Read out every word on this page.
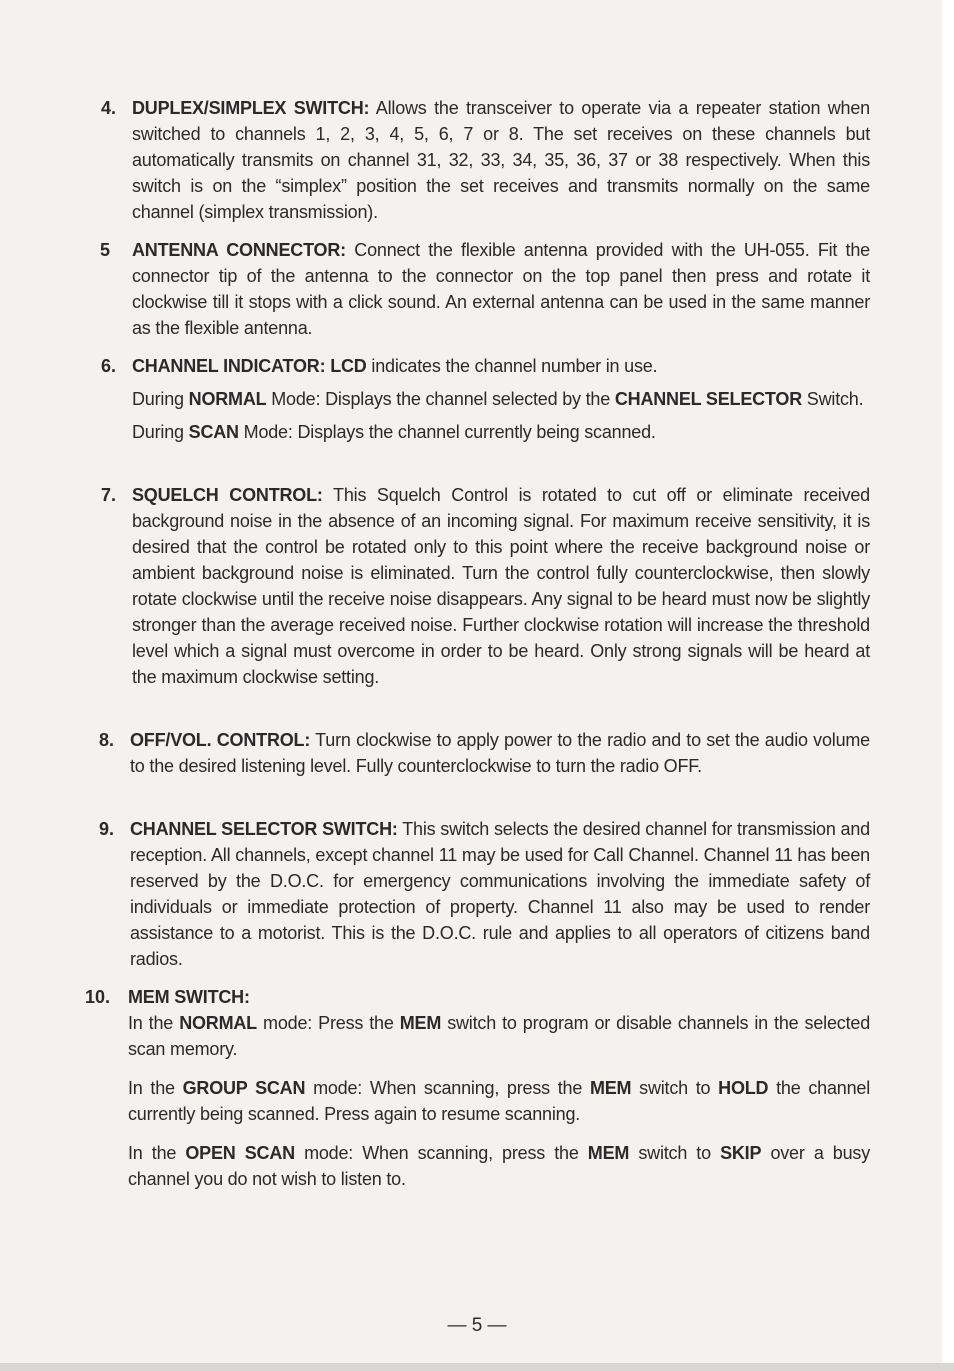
4. DUPLEX/SIMPLEX SWITCH: Allows the transceiver to operate via a repeater station when switched to channels 1, 2, 3, 4, 5, 6, 7 or 8. The set receives on these channels but automatically transmits on channel 31, 32, 33, 34, 35, 36, 37 or 38 respectively. When this switch is on the “simplex” position the set receives and transmits normally on the same channel (simplex transmission).

5 ANTENNA CONNECTOR: Connect the flexible antenna provided with the UH-055. Fit the connector tip of the antenna to the connector on the top panel then press and rotate it clockwise till it stops with a click sound. An external antenna can be used in the same manner as the flexible antenna.

6. CHANNEL INDICATOR: LCD indicates the channel number in use.

During NORMAL Mode: Displays the channel selected by the CHANNEL SELECTOR Switch.

During SCAN Mode: Displays the channel currently being scanned.

7. SQUELCH CONTROL: This Squelch Control is rotated to cut off or eliminate received background noise in the absence of an incoming signal. For maximum receive sensitivity, it is desired that the control be rotated only to this point where the receive background noise or ambient background noise is eliminated. Turn the control fully counterclockwise, then slowly rotate clockwise until the receive noise disappears. Any signal to be heard must now be slightly stronger than the average received noise. Further clockwise rotation will increase the threshold level which a signal must overcome in order to be heard. Only strong signals will be heard at the maximum clockwise setting.

8. OFF/VOL. CONTROL: Turn clockwise to apply power to the radio and to set the audio volume to the desired listening level. Fully counterclockwise to turn the radio OFF.

9. CHANNEL SELECTOR SWITCH: This switch selects the desired channel for transmission and reception. All channels, except channel 11 may be used for Call Channel. Channel 11 has been reserved by the D.O.C. for emergency communications involving the immediate safety of individuals or immediate protection of property. Channel 11 also may be used to render assistance to a motorist. This is the D.O.C. rule and applies to all operators of citizens band radios.

10. MEM SWITCH:

In the NORMAL mode: Press the MEM switch to program or disable channels in the selected scan memory.

In the GROUP SCAN mode: When scanning, press the MEM switch to HOLD the channel currently being scanned. Press again to resume scanning.

In the OPEN SCAN mode: When scanning, press the MEM switch to SKIP over a busy channel you do not wish to listen to.

— 5 —
